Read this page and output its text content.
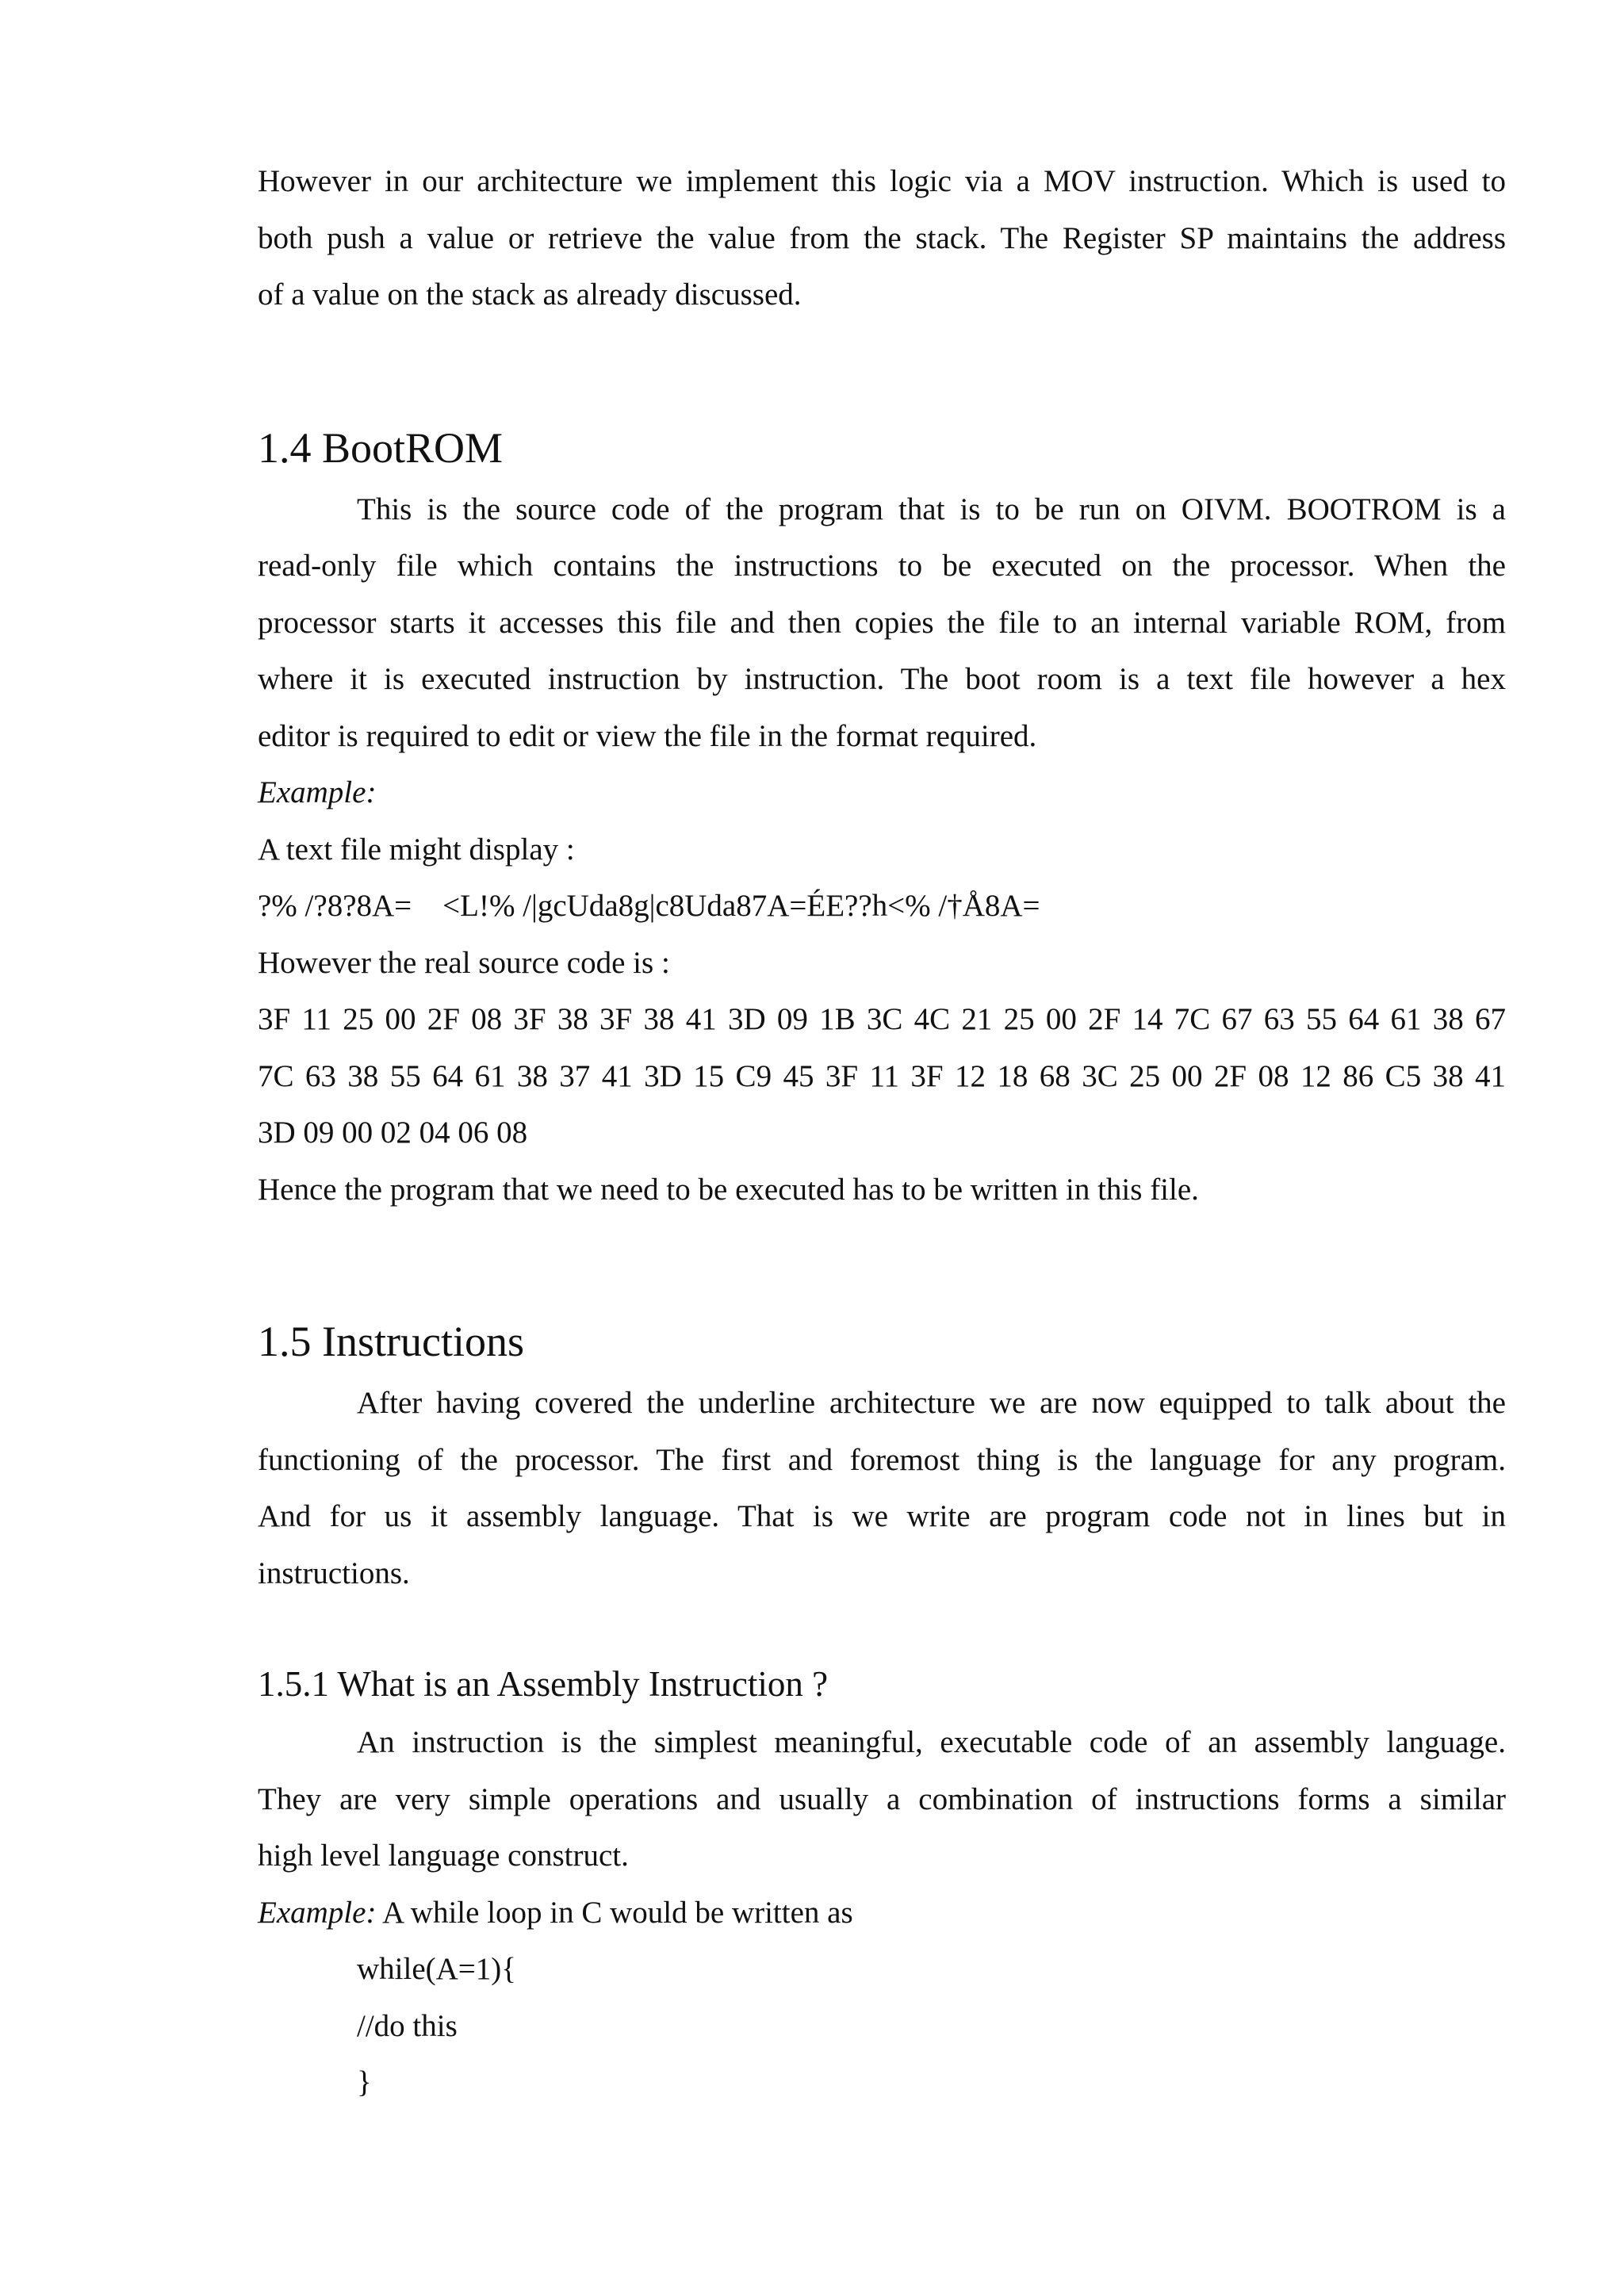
However in our architecture we implement this logic via a MOV instruction. Which is used to
both push a value or retrieve the value from the stack. The Register SP maintains the address
of a value on the stack as already discussed.
1.4 BootROM
This is the source code of the program that is to be run on OIVM. BOOTROM is a
read-only file which contains the instructions to be executed on the processor. When the
processor starts it accesses this file and then copies the file to an internal variable ROM, from
where it is executed instruction by instruction. The boot room is a text file however a hex
editor is required to edit or view the file in the format required.
Example:
A text file might display :
?% /?8?8A=    <L!% /|gcUda8g|c8Uda87A=ÉE??h<% /†Å8A=
However the real source code is :
3F 11 25 00 2F 08 3F 38 3F 38 41 3D 09 1B 3C 4C 21 25 00 2F 14 7C 67 63 55 64 61 38 67
7C 63 38 55 64 61 38 37 41 3D 15 C9 45 3F 11 3F 12 18 68 3C 25 00 2F 08 12 86 C5 38 41
3D 09 00 02 04 06 08
Hence the program that we need to be executed has to be written in this file.
1.5 Instructions
After having covered the underline architecture we are now equipped to talk about the
functioning of the processor. The first and foremost thing is the language for any program.
And for us it assembly language. That is we write are program code not in lines but in
instructions.
1.5.1 What is an Assembly Instruction ?
An instruction is the simplest meaningful, executable code of an assembly language.
They are very simple operations and usually a combination of instructions forms a similar
high level language construct.
Example: A while loop in C would be written as
while(A=1){
//do this
}
